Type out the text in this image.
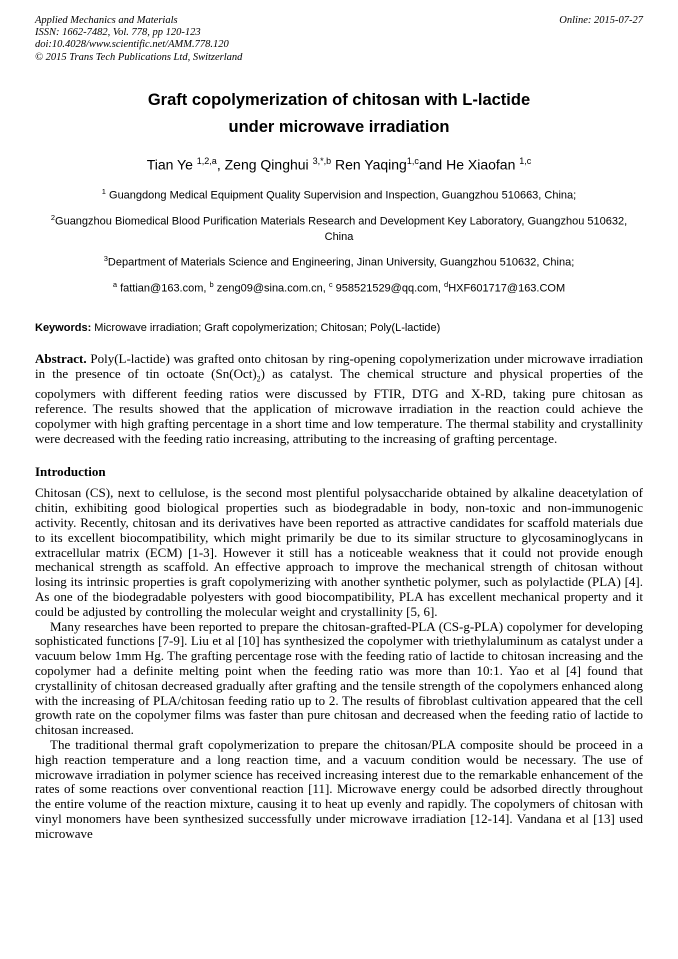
Applied Mechanics and Materials
ISSN: 1662-7482, Vol. 778, pp 120-123
doi:10.4028/www.scientific.net/AMM.778.120
© 2015 Trans Tech Publications Ltd, Switzerland
Online: 2015-07-27
Graft copolymerization of chitosan with L-lactide
under microwave irradiation
Tian Ye $^{1,2,a}$, Zeng Qinghui $^{3,*,b}$ Ren Yaqing$^{1,c}$and He Xiaofan $^{1,c}$
$^1$ Guangdong Medical Equipment Quality Supervision and Inspection, Guangzhou 510663, China;
$^2$Guangzhou Biomedical Blood Purification Materials Research and Development Key Laboratory, Guangzhou 510632, China
$^3$Department of Materials Science and Engineering, Jinan University, Guangzhou 510632, China;
$^a$ fattian@163.com, $^b$ zeng09@sina.com.cn, $^c$ 958521529@qq.com, $^d$HXF601717@163.COM

Keywords: Microwave irradiation; Graft copolymerization; Chitosan; Poly(L-lactide)

Abstract. Poly(L-lactide) was grafted onto chitosan by ring-opening copolymerization under microwave irradiation in the presence of tin octoate $(Sn(Oct)_2)$ as catalyst. The chemical structure and physical properties of the copolymers with different feeding ratios were discussed by FTIR, DTG and X-RD, taking pure chitosan as reference. The results showed that the application of microwave irradiation in the reaction could achieve the copolymer with high grafting percentage in a short time and low temperature. The thermal stability and crystallinity were decreased with the feeding ratio increasing, attributing to the increasing of grafting percentage.

Introduction

Chitosan (CS), next to cellulose, is the second most plentiful polysaccharide obtained by alkaline deacetylation of chitin, exhibiting good biological properties such as biodegradable in body, non-toxic and non-immunogenic activity. Recently, chitosan and its derivatives have been reported as attractive candidates for scaffold materials due to its excellent biocompatibility, which might primarily be due to its similar structure to glycosaminoglycans in extracellular matrix (ECM) [1-3]. However it still has a noticeable weakness that it could not provide enough mechanical strength as scaffold. An effective approach to improve the mechanical strength of chitosan without losing its intrinsic properties is graft copolymerizing with another synthetic polymer, such as polylactide (PLA) [4]. As one of the biodegradable polyesters with good biocompatibility, PLA has excellent mechanical property and it could be adjusted by controlling the molecular weight and crystallinity [5, 6].

Many researches have been reported to prepare the chitosan-grafted-PLA (CS-g-PLA) copolymer for developing sophisticated functions [7-9]. Liu et al [10] has synthesized the copolymer with triethylaluminum as catalyst under a vacuum below 1mm Hg. The grafting percentage rose with the feeding ratio of lactide to chitosan increasing and the copolymer had a definite melting point when the feeding ratio was more than 10:1. Yao et al [4] found that crystallinity of chitosan decreased gradually after grafting and the tensile strength of the copolymers enhanced along with the increasing of PLA/chitosan feeding ratio up to 2. The results of fibroblast cultivation appeared that the cell growth rate on the copolymer films was faster than pure chitosan and decreased when the feeding ratio of lactide to chitosan increased.

The traditional thermal graft copolymerization to prepare the chitosan/PLA composite should be proceed in a high reaction temperature and a long reaction time, and a vacuum condition would be necessary. The use of microwave irradiation in polymer science has received increasing interest due to the remarkable enhancement of the rates of some reactions over conventional reaction [11]. Microwave energy could be adsorbed directly throughout the entire volume of the reaction mixture, causing it to heat up evenly and rapidly. The copolymers of chitosan with vinyl monomers have been synthesized successfully under microwave irradiation [12-14]. Vandana et al [13] used microwave
